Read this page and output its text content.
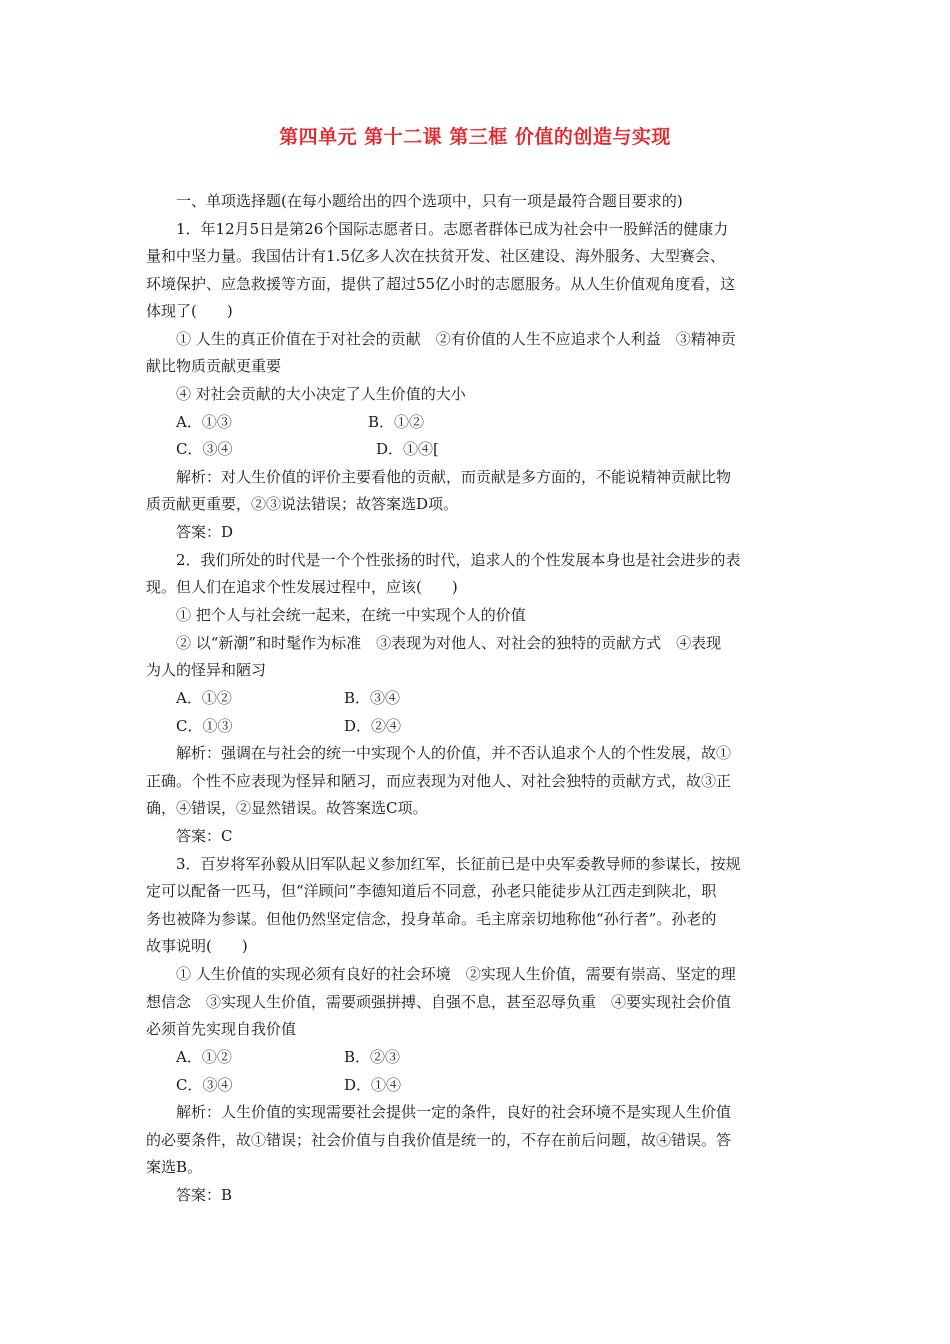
第四单元 第十二课 第三框 价值的创造与实现
一、单项选择题(在每小题给出的四个选项中，只有一项是最符合题目要求的)
1．年12月5日是第26个国际志愿者日。志愿者群体已成为社会中一股鲜活的健康力
量和中坚力量。我国估计有1.5亿多人次在扶贫开发、社区建设、海外服务、大型赛会、
环境保护、应急救援等方面，提供了超过55亿小时的志愿服务。从人生价值观角度看，这
体现了(　　)
① 人生的真正价值在于对社会的贡献　②有价值的人生不应追求个人利益　③精神贡
献比物质贡献更重要
④ 对社会贡献的大小决定了人生价值的大小
A．①③	B．①②
C．③④	D．①④[
解析：对人生价值的评价主要看他的贡献，而贡献是多方面的，不能说精神贡献比物
质贡献更重要，②③说法错误；故答案选D项。
答案：D
2．我们所处的时代是一个个性张扬的时代，追求人的个性发展本身也是社会进步的表
现。但人们在追求个性发展过程中，应该(　　)
① 把个人与社会统一起来，在统一中实现个人的价值
② 以“新潮”和时髦作为标准　③表现为对他人、对社会的独特的贡献方式　④表现
为人的怪异和陋习
A．①②	B．③④
C．①③	D．②④
解析：强调在与社会的统一中实现个人的价值，并不否认追求个人的个性发展，故①
正确。个性不应表现为怪异和陋习，而应表现为对他人、对社会独特的贡献方式，故③正
确，④错误，②显然错误。故答案选C项。
答案：C
3．百岁将军孙毅从旧军队起义参加红军，长征前已是中央军委教导师的参谋长，按规
定可以配备一匹马，但“洋顾问”李德知道后不同意，孙老只能徒步从江西走到陕北，职
务也被降为参谋。但他仍然坚定信念，投身革命。毛主席亲切地称他“孙行者”。孙老的
故事说明(　　)
① 人生价值的实现必须有良好的社会环境　②实现人生价值，需要有崇高、坚定的理
想信念　③实现人生价值，需要顽强拼搏、自强不息，甚至忍辱负重　④要实现社会价值
必须首先实现自我价值
A．①②	B．②③
C．③④	D．①④
解析：人生价值的实现需要社会提供一定的条件，良好的社会环境不是实现人生价值
的必要条件，故①错误；社会价值与自我价值是统一的，不存在前后问题，故④错误。答
案选B。
答案：B
